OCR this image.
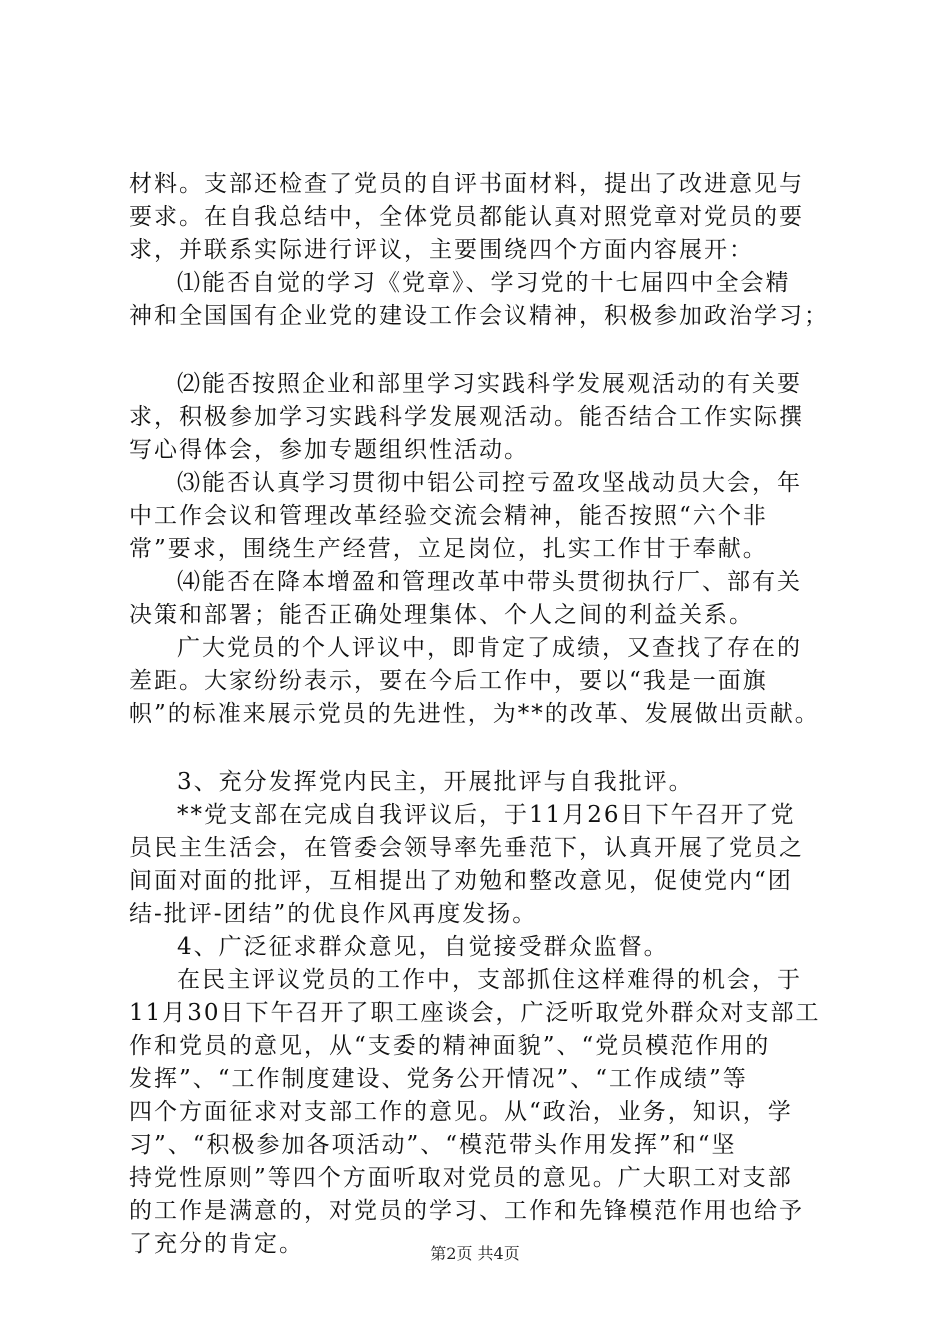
材料。支部还检查了党员的自评书面材料，提出了改进意见与
要求。在自我总结中，全体党员都能认真对照党章对党员的要
求，并联系实际进行评议，主要围绕四个方面内容展开：
⑴能否自觉的学习《党章》、学习党的十七届四中全会精
神和全国国有企业党的建设工作会议精神，积极参加政治学习；
⑵能否按照企业和部里学习实践科学发展观活动的有关要
求，积极参加学习实践科学发展观活动。能否结合工作实际撰
写心得体会，参加专题组织性活动。
⑶能否认真学习贯彻中铝公司控亏盈攻坚战动员大会，年
中工作会议和管理改革经验交流会精神，能否按照“六个非
常”要求，围绕生产经营，立足岗位，扎实工作甘于奉献。
⑷能否在降本增盈和管理改革中带头贯彻执行厂、部有关
决策和部署；能否正确处理集体、个人之间的利益关系。
广大党员的个人评议中，即肯定了成绩，又查找了存在的
差距。大家纷纷表示，要在今后工作中，要以“我是一面旗
帜”的标准来展示党员的先进性，为**的改革、发展做出贡献。
3、充分发挥党内民主，开展批评与自我批评。
**党支部在完成自我评议后，于11月26日下午召开了党
员民主生活会，在管委会领导率先垂范下，认真开展了党员之
间面对面的批评，互相提出了劝勉和整改意见，促使党内“团
结-批评-团结”的优良作风再度发扬。
4、广泛征求群众意见，自觉接受群众监督。
在民主评议党员的工作中，支部抓住这样难得的机会，于
11月30日下午召开了职工座谈会，广泛听取党外群众对支部工
作和党员的意见，从“支委的精神面貌”、“党员模范作用的
发挥”、“工作制度建设、党务公开情况”、“工作成绩”等
四个方面征求对支部工作的意见。从“政治，业务，知识，学
习”、“积极参加各项活动”、“模范带头作用发挥”和“坚
持党性原则”等四个方面听取对党员的意见。广大职工对支部
的工作是满意的，对党员的学习、工作和先锋模范作用也给予
了充分的肯定。	第2页 共4页
